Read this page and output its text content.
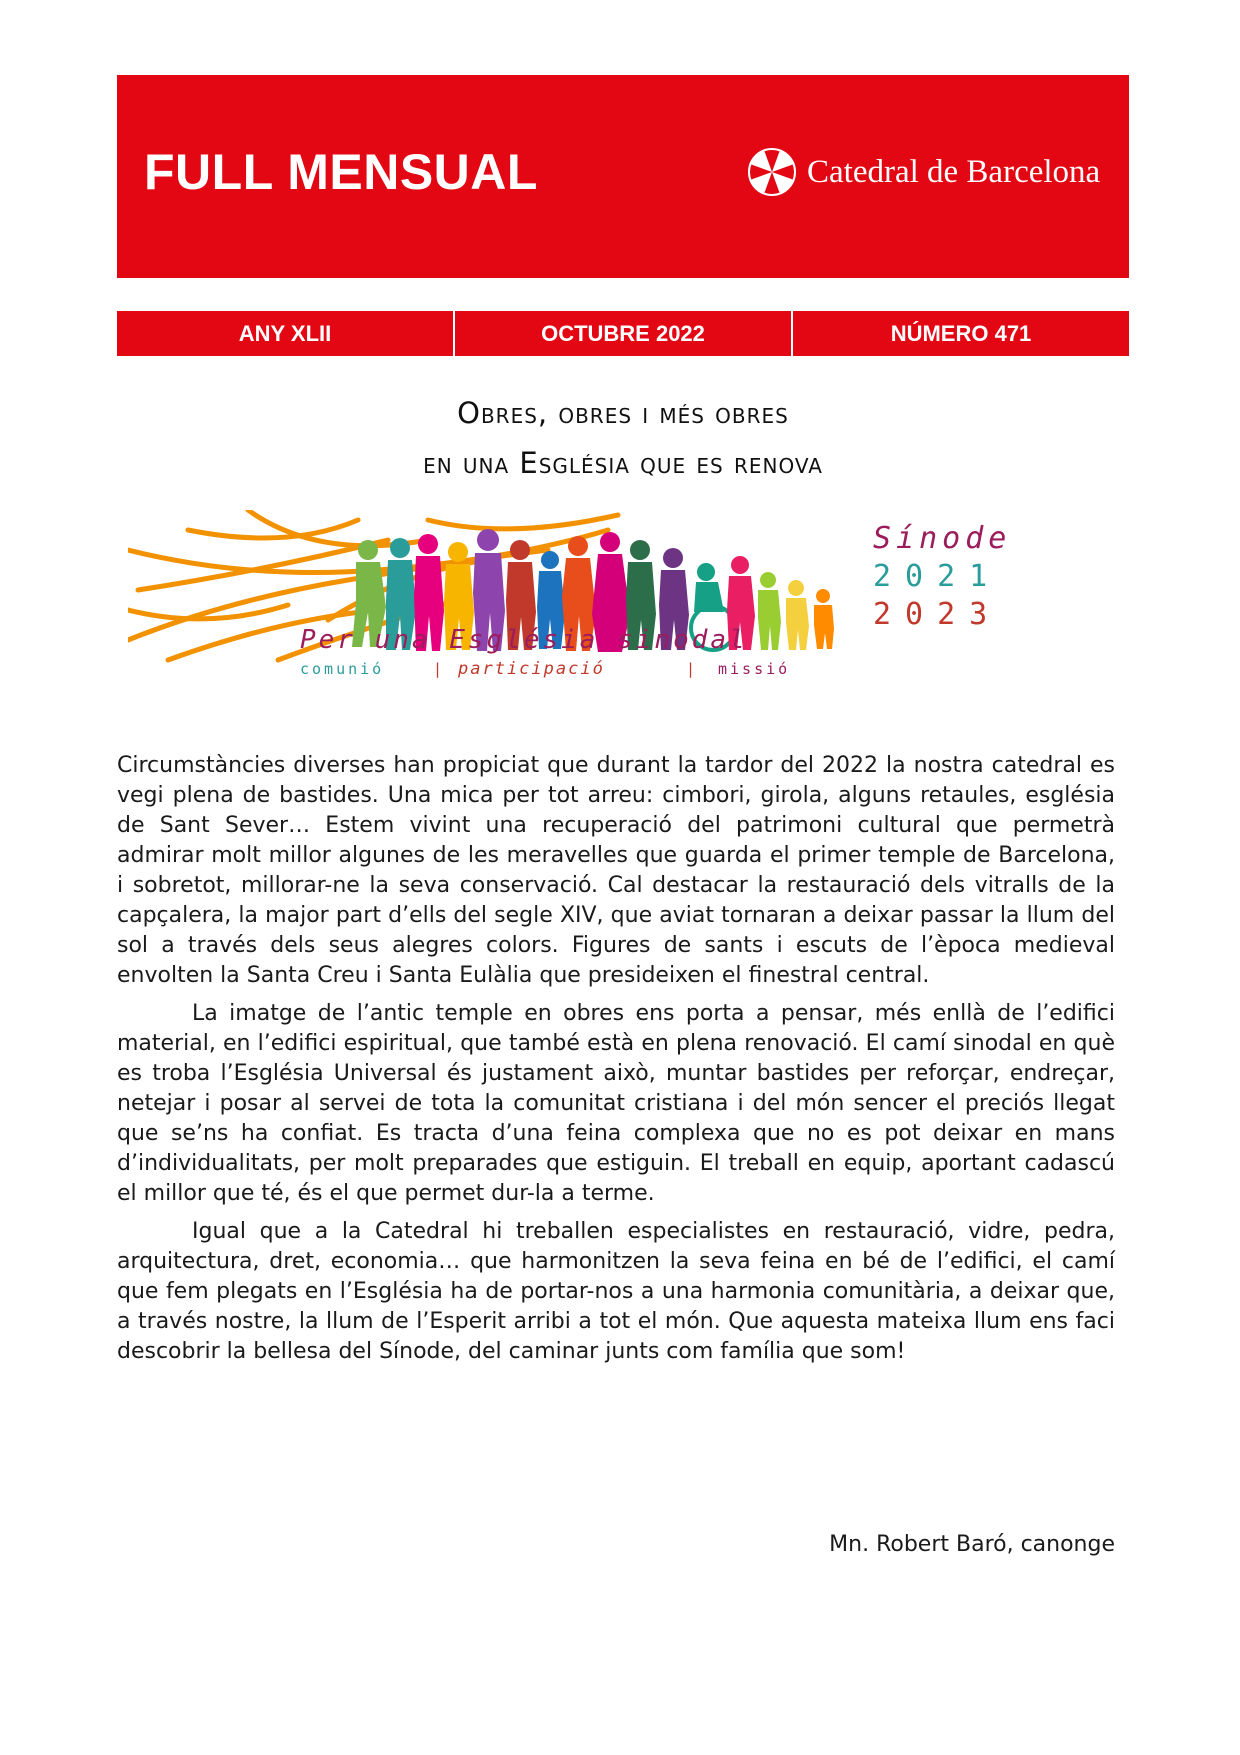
FULL MENSUAL	Catedral de Barcelona
ANY XLII	OCTUBRE 2022	NÚMERO 471
Obres, obres i més obres
en una Església que es renova
Sínode
2021
2023
Per una Església sinodal
comunió	| participació	| missió

Circumstàncies diverses han propiciat que durant la tardor del 2022 la nostra catedral es vegi plena de bastides. Una mica per tot arreu: cimbori, girola, alguns retaules, església de Sant Sever… Estem vivint una recuperació del patrimoni cultural que permetrà admirar molt millor algunes de les meravelles que guarda el primer temple de Barcelona, i sobretot, millorar-ne la seva conservació. Cal destacar la restauració dels vitralls de la capçalera, la major part d’ells del segle XIV, que aviat tornaran a deixar passar la llum del sol a través dels seus alegres colors. Figures de sants i escuts de l’època medieval envolten la Santa Creu i Santa Eulàlia que presideixen el finestral central.

La imatge de l’antic temple en obres ens porta a pensar, més enllà de l’edifici material, en l’edifici espiritual, que també està en plena renovació. El camí sinodal en què es troba l’Església Universal és justament això, muntar bastides per reforçar, endreçar, netejar i posar al servei de tota la comunitat cristiana i del món sencer el preciós llegat que se’ns ha confiat. Es tracta d’una feina complexa que no es pot deixar en mans d’individualitats, per molt preparades que estiguin. El treball en equip, aportant cadascú el millor que té, és el que permet dur-la a terme.

Igual que a la Catedral hi treballen especialistes en restauració, vidre, pedra, arquitectura, dret, economia… que harmonitzen la seva feina en bé de l’edifici, el camí que fem plegats en l’Església ha de portar-nos a una harmonia comunitària, a deixar que, a través nostre, la llum de l’Esperit arribi a tot el món. Que aquesta mateixa llum ens faci descobrir la bellesa del Sínode, del caminar junts com família que som!

Mn. Robert Baró, canonge
